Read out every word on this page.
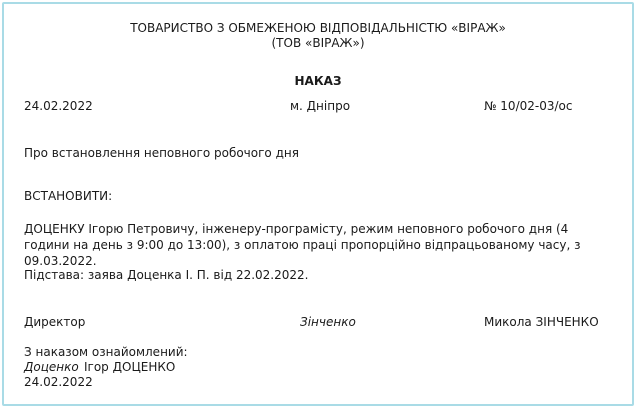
ТОВАРИСТВО З ОБМЕЖЕНОЮ ВІДПОВІДАЛЬНІСТЮ «ВІРАЖ»
(ТОВ «ВІРАЖ»)
НАКАЗ
24.02.2022	м. Дніпро	№ 10/02-03/ос
Про встановлення неповного робочого дня
ВСТАНОВИТИ:
ДОЦЕНКУ Ігорю Петровичу, інженеру-програмісту, режим неповного робочого дня (4 години на день з 9:00 до 13:00), з оплатою праці пропорційно відпрацьованому часу, з 09.03.2022.
Підстава: заява Доценка І. П. від 22.02.2022.
Директор	Зінченко	Микола ЗІНЧЕНКО
З наказом ознайомлений:
Доценко Ігор ДОЦЕНКО
24.02.2022
